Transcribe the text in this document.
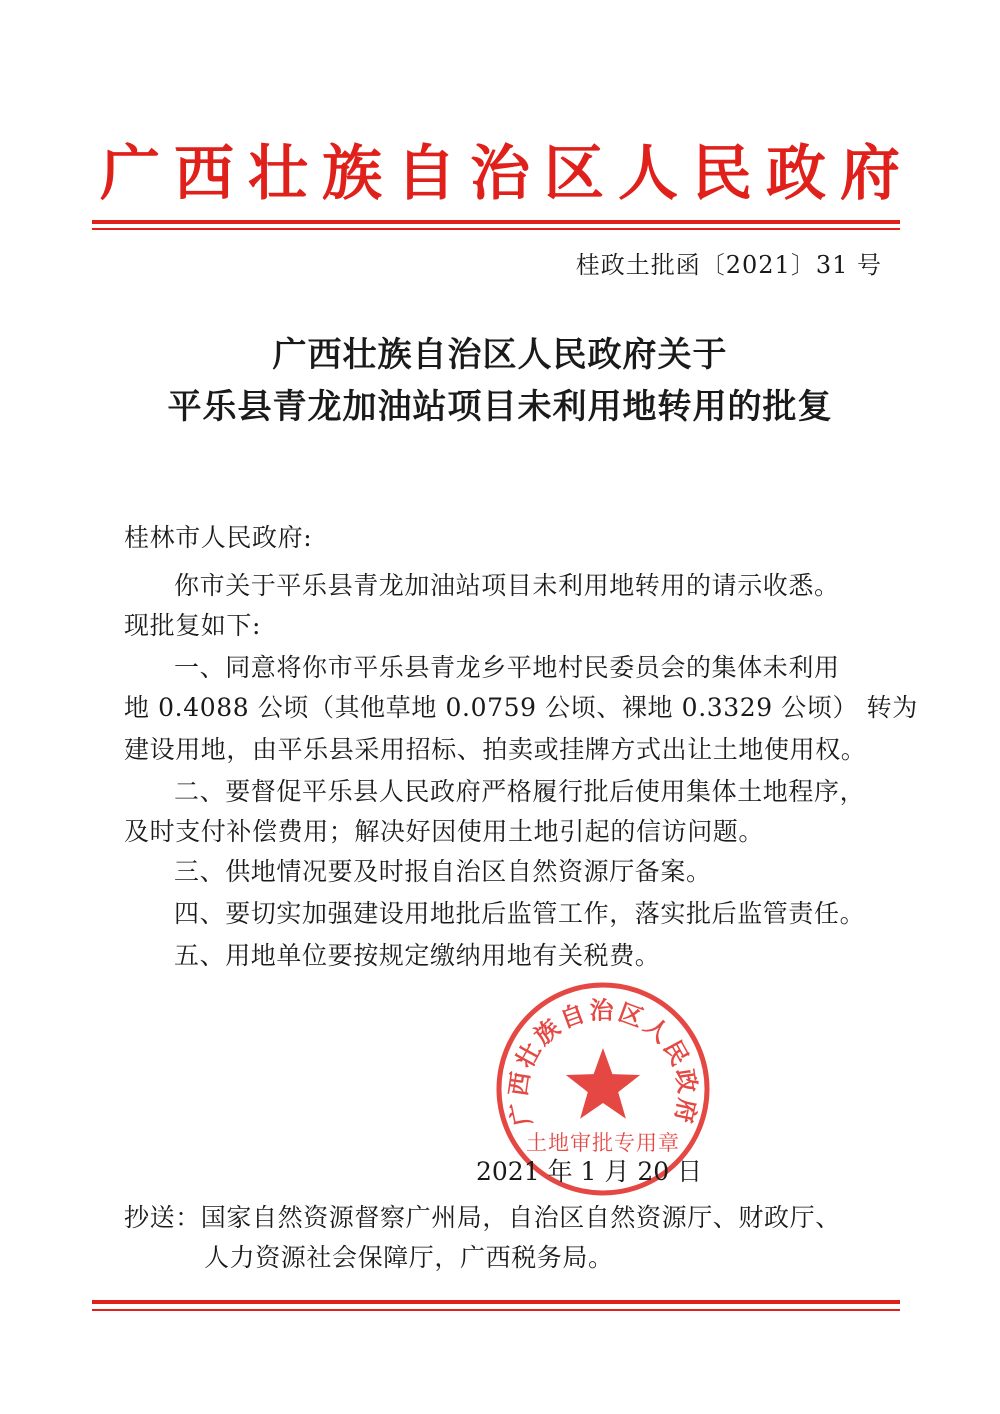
广西壮族自治区人民政府
桂政土批函〔2021〕31 号
广西壮族自治区人民政府关于
平乐县青龙加油站项目未利用地转用的批复
桂林市人民政府:
你市关于平乐县青龙加油站项目未利用地转用的请示收悉。
现批复如下:
一、同意将你市平乐县青龙乡平地村民委员会的集体未利用
地 0.4088 公顷（其他草地 0.0759 公顷、裸地 0.3329 公顷） 转为
建设用地，由平乐县采用招标、拍卖或挂牌方式出让土地使用权。
二、要督促平乐县人民政府严格履行批后使用集体土地程序，
及时支付补偿费用；解决好因使用土地引起的信访问题。
三、供地情况要及时报自治区自然资源厅备案。
四、要切实加强建设用地批后监管工作，落实批后监管责任。
五、用地单位要按规定缴纳用地有关税费。
广西壮族自治区人民政府
土地审批专用章
2021 年 1 月 20 日
抄送：国家自然资源督察广州局，自治区自然资源厅、财政厅、
人力资源社会保障厅，广西税务局。
